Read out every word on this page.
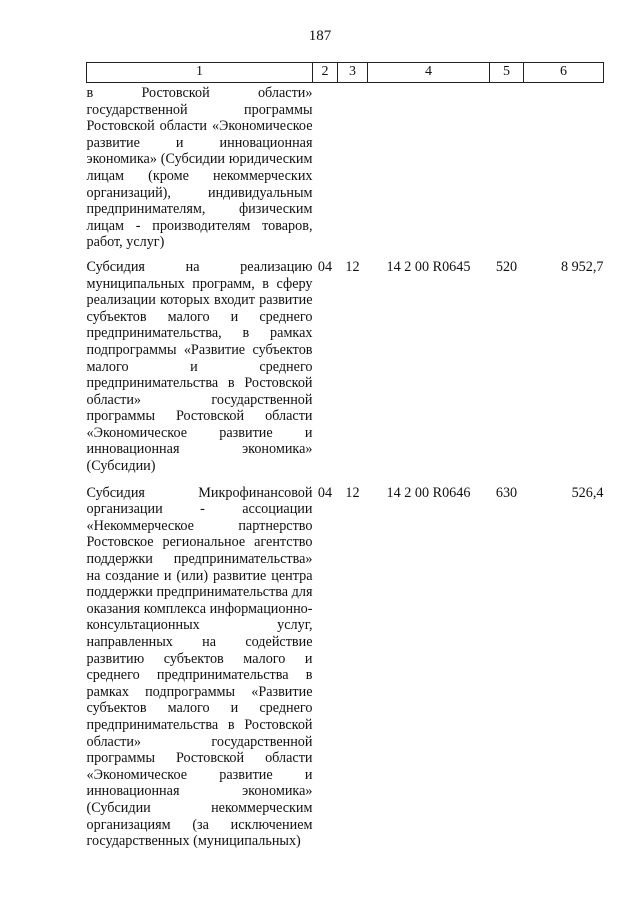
187
1	2	3	4	5	6
в Ростовской области» государственной программы Ростовской области «Экономическое развитие и инновационная экономика» (Субсидии юридическим лицам (кроме некоммерческих организаций), индивидуальным предпринимателям, физическим лицам - производителям товаров, работ, услуг)					
Субсидия на реализацию муниципальных программ, в сферу реализации которых входит развитие субъектов малого и среднего предпринимательства, в рамках подпрограммы «Развитие субъектов малого и среднего предпринимательства в Ростовской области» государственной программы Ростовской области «Экономическое развитие и инновационная экономика» (Субсидии)	04	12	14 2 00 R0645	520	8 952,7
Субсидия Микрофинансовой организации - ассоциации «Некоммерческое партнерство Ростовское региональное агентство поддержки предпринимательства» на создание и (или) развитие центра поддержки предпринимательства для оказания комплекса информационно-консультационных услуг, направленных на содействие развитию субъектов малого и среднего предпринимательства в рамках подпрограммы «Развитие субъектов малого и среднего предпринимательства в Ростовской области» государственной программы Ростовской области «Экономическое развитие и инновационная экономика» (Субсидии некоммерческим организациям (за исключением государственных (муниципальных)	04	12	14 2 00 R0646	630	526,4
